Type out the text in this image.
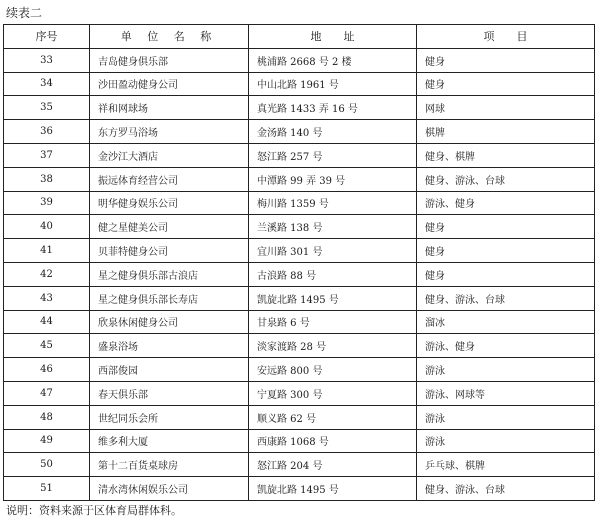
续表二
序号	单 位 名 称	地　　址	项　　目
33	吉岛健身俱乐部	桃浦路 2668 号 2 楼	健身
34	沙田盈动健身公司	中山北路 1961 号	健身
35	祥和网球场	真光路 1433 弄 16 号	网球
36	东方罗马浴场	金汤路 140 号	棋牌
37	金沙江大酒店	怒江路 257 号	健身、棋牌
38	振远体育经营公司	中潭路 99 弄 39 号	健身、游泳、台球
39	明华健身娱乐公司	梅川路 1359 号	游泳、健身
40	健之星健美公司	兰溪路 138 号	健身
41	贝菲特健身公司	宜川路 301 号	健身
42	星之健身俱乐部古浪店	古浪路 88 号	健身
43	星之健身俱乐部长寿店	凯旋北路 1495 号	健身、游泳、台球
44	欣泉休闲健身公司	甘泉路 6 号	溜冰
45	盛泉浴场	淡家渡路 28 号	游泳、健身
46	西部俊园	安远路 800 号	游泳
47	春天俱乐部	宁夏路 300 号	游泳、网球等
48	世纪同乐会所	顺义路 62 号	游泳
49	维多利大厦	西康路 1068 号	游泳
50	第十二百货桌球房	怒江路 204 号	乒乓球、棋牌
51	清水湾休闲娱乐公司	凯旋北路 1495 号	健身、游泳、台球
说明：资料来源于区体育局群体科。
